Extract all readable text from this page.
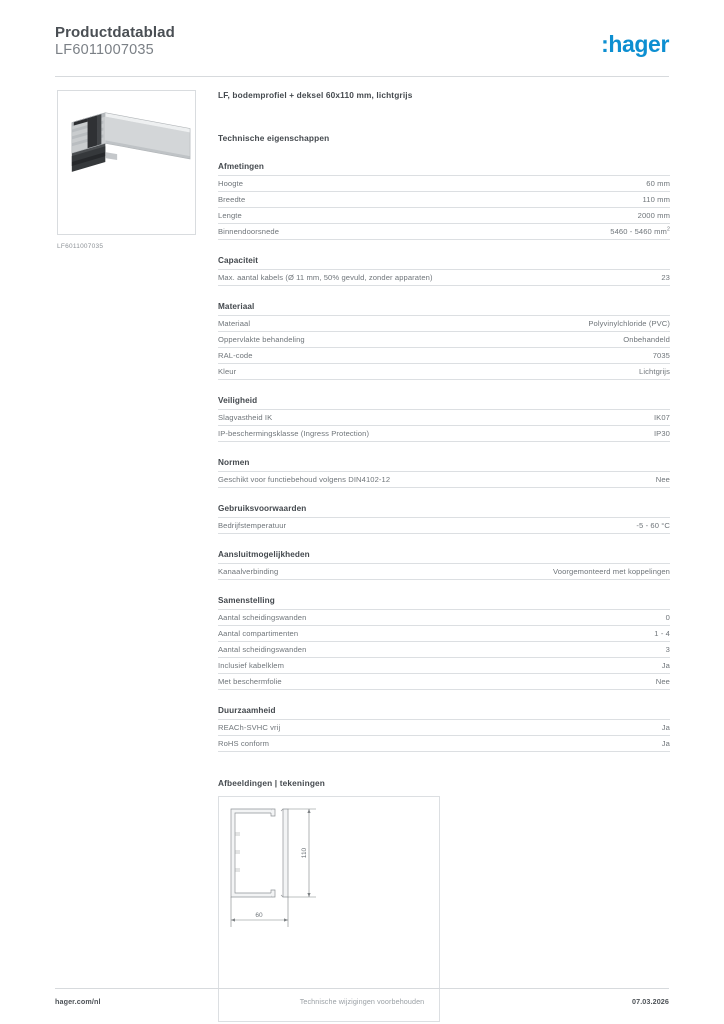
Productdatablad
LF6011007035	:hager
LF6011007035
LF, bodemprofiel + deksel 60x110 mm, lichtgrijs
Technische eigenschappen
Afmetingen
Hoogte	60 mm
Breedte	110 mm
Lengte	2000 mm
Binnendoorsnede	5460 - 5460 $mm^2$
Capaciteit
Max. aantal kabels (Ø 11 mm, 50% gevuld, zonder apparaten)	23
Materiaal
Materiaal	Polyvinylchloride (PVC)
Oppervlakte behandeling	Onbehandeld
RAL-code	7035
Kleur	Lichtgrijs
Veiligheid
Slagvastheid IK	IK07
IP-beschermingsklasse (Ingress Protection)	IP30
Normen
Geschikt voor functiebehoud volgens DIN4102-12	Nee
Gebruiksvoorwaarden
Bedrijfstemperatuur	-5 - 60 °C
Aansluitmogelijkheden
Kanaalverbinding	Voorgemonteerd met koppelingen
Samenstelling
Aantal scheidingswanden	0
Aantal compartimenten	1 - 4
Aantal scheidingswanden	3
Inclusief kabelklem	Ja
Met beschermfolie	Nee
Duurzaamheid
REACh-SVHC vrij	Ja
RoHS conform	Ja
Afbeeldingen | tekeningen
110
60
hager.com/nl	Technische wijzigingen voorbehouden	07.03.2026
